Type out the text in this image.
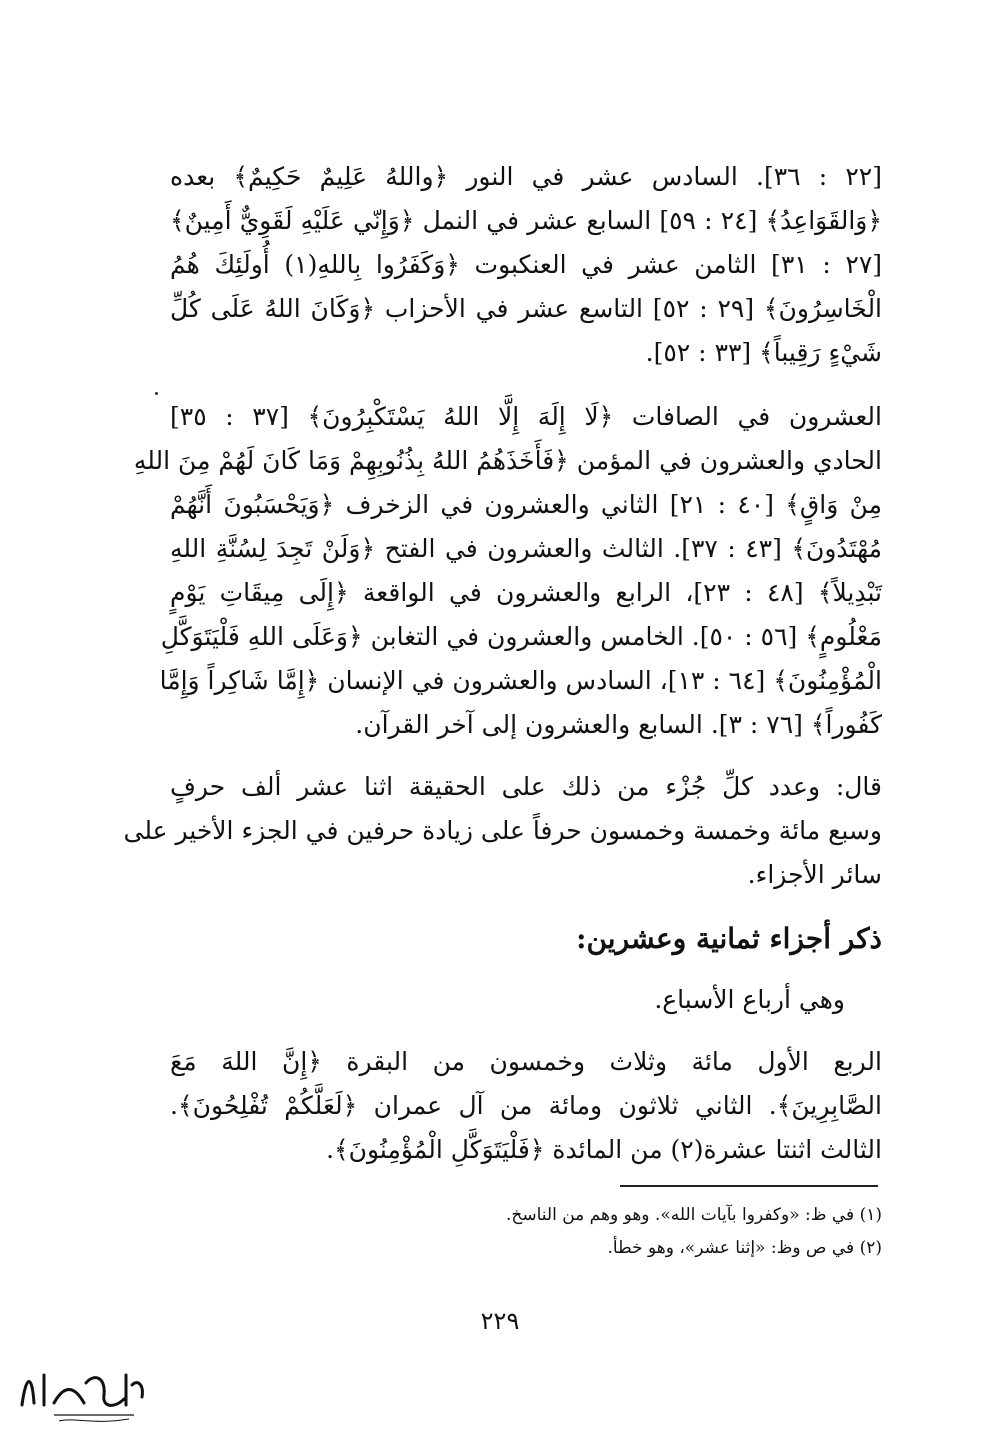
[٢٢ : ٣٦]. السادس عشر في النور ﴿واللهُ عَلِيمٌ حَكِيمٌ﴾ بعده
﴿وَالقَوَاعِدُ﴾ [٢٤ : ٥٩] السابع عشر في النمل ﴿وَإِنّي عَلَيْهِ لَقَوِيٌّ أَمِينٌ﴾
[٢٧ : ٣١] الثامن عشر في العنكبوت ﴿وَكَفَرُوا بِاللهِ(١) أُولَئِكَ هُمُ
الْخَاسِرُونَ﴾ [٢٩ : ٥٢] التاسع عشر في الأحزاب ﴿وَكَانَ اللهُ عَلَى كُلِّ
شَيْءٍ رَقِيباً﴾ [٣٣ : ٥٢].
العشرون في الصافات ﴿لَا إِلَهَ إِلَّا اللهُ يَسْتَكْبِرُونَ﴾ [٣٧ : ٣٥]
الحادي والعشرون في المؤمن ﴿فَأَخَذَهُمُ اللهُ بِذُنُوبِهِمْ وَمَا كَانَ لَهُمْ مِنَ اللهِ
مِنْ وَاقٍ﴾ [٤٠ : ٢١] الثاني والعشرون في الزخرف ﴿وَيَحْسَبُونَ أَنَّهُمْ
مُهْتَدُونَ﴾ [٤٣ : ٣٧]. الثالث والعشرون في الفتح ﴿وَلَنْ تَجِدَ لِسُنَّةِ اللهِ
تَبْدِيلاً﴾ [٤٨ : ٢٣]، الرابع والعشرون في الواقعة ﴿إِلَى مِيقَاتِ يَوْمٍ
مَعْلُومٍ﴾ [٥٦ : ٥٠]. الخامس والعشرون في التغابن ﴿وَعَلَى اللهِ فَلْيَتَوَكَّلِ
الْمُؤْمِنُونَ﴾ [٦٤ : ١٣]، السادس والعشرون في الإنسان ﴿إِمَّا شَاكِراً وَإِمَّا
كَفُوراً﴾ [٧٦ : ٣]. السابع والعشرون إلى آخر القرآن.
قال: وعدد كلِّ جُزْء من ذلك على الحقيقة اثنا عشر ألف حرفٍ
وسبع مائة وخمسة وخمسون حرفاً على زيادة حرفين في الجزء الأخير على
سائر الأجزاء.
ذكر أجزاء ثمانية وعشرين:
وهي أرباع الأسباع.
الربع الأول مائة وثلاث وخمسون من البقرة ﴿إِنَّ اللهَ مَعَ
الصَّابِرِينَ﴾. الثاني ثلاثون ومائة من آل عمران ﴿لَعَلَّكُمْ تُفْلِحُونَ﴾.
الثالث اثنتا عشرة(٢) من المائدة ﴿فَلْيَتَوَكَّلِ الْمُؤْمِنُونَ﴾.
(١) في ظ: «وكفروا بآيات الله». وهو وهم من الناسخ.
(٢) في ص وظ: «إثنا عشر»، وهو خطأ.
٢٢٩
